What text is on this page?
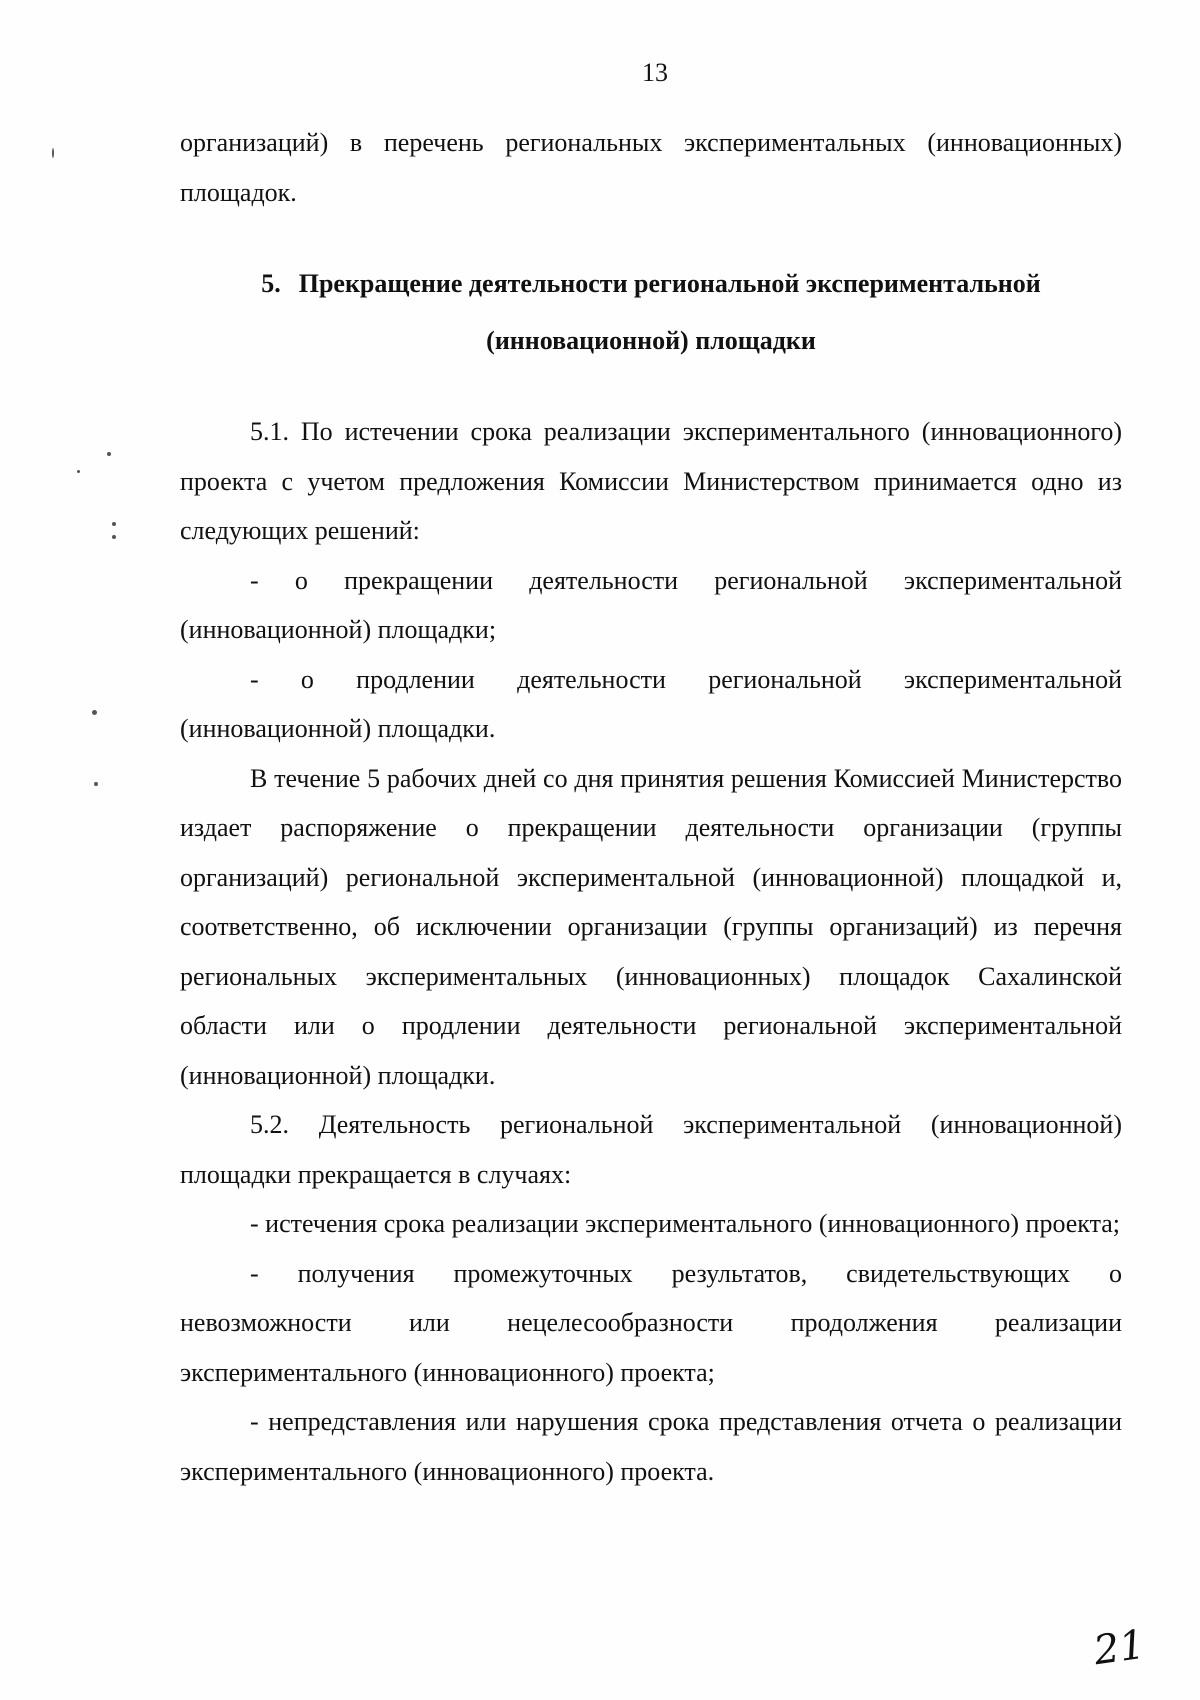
13

организаций) в перечень региональных экспериментальных (инновационных) площадок.

5. Прекращение деятельности региональной экспериментальной (инновационной) площадки

5.1. По истечении срока реализации экспериментального (инновационного) проекта с учетом предложения Комиссии Министерством принимается одно из следующих решений:

- о прекращении деятельности региональной экспериментальной (инновационной) площадки;

- о продлении деятельности региональной экспериментальной (инновационной) площадки.

В течение 5 рабочих дней со дня принятия решения Комиссией Министерство издает распоряжение о прекращении деятельности организации (группы организаций) региональной экспериментальной (инновационной) площадкой и, соответственно, об исключении организации (группы организаций) из перечня региональных экспериментальных (инновационных) площадок Сахалинской области или о продлении деятельности региональной экспериментальной (инновационной) площадки.

5.2. Деятельность региональной экспериментальной (инновационной) площадки прекращается в случаях:

- истечения срока реализации экспериментального (инновационного) проекта;

- получения промежуточных результатов, свидетельствующих о невозможности или нецелесообразности продолжения реализации экспериментального (инновационного) проекта;

- непредставления или нарушения срока представления отчета о реализации экспериментального (инновационного) проекта.

21
